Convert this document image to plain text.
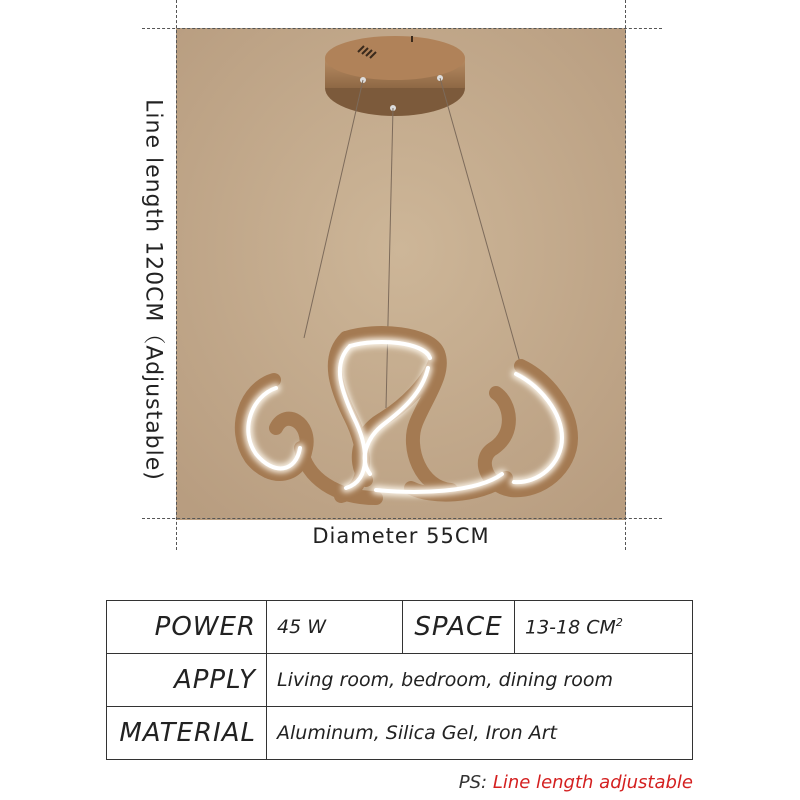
Line length 120CM（Adjustable)
Diameter 55CM
POWER	45 W	SPACE	13-18 $CM^2$
APPLY	Living room, bedroom, dining room		
MATERIAL	Aluminum, Silica Gel, Iron Art		
PS: Line length adjustable
